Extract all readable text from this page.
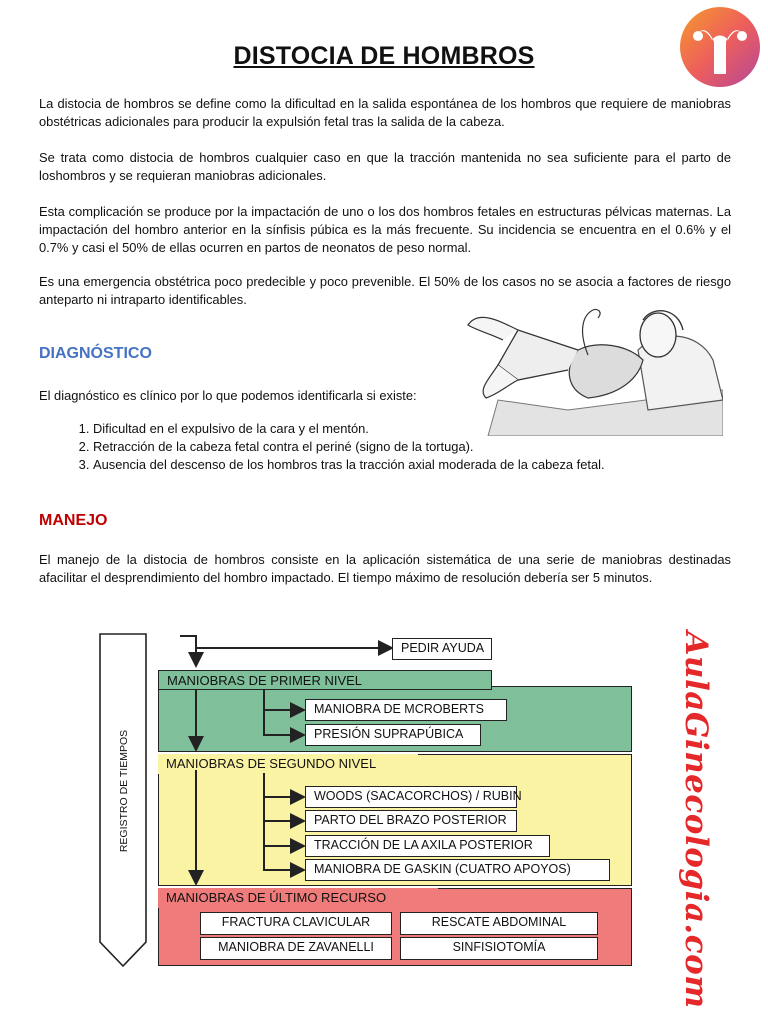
DISTOCIA DE HOMBROS

La distocia de hombros se define como la dificultad en la salida espontánea de los hombros que requiere de maniobras obstétricas adicionales para producir la expulsión fetal tras la salida de la cabeza.

Se trata como distocia de hombros cualquier caso en que la tracción mantenida no sea suficiente para el parto de loshombros y se requieran maniobras adicionales.

Esta complicación se produce por la impactación de uno o los dos hombros fetales en estructuras pélvicas maternas. La impactación del hombro anterior en la sínfisis púbica es la más frecuente. Su incidencia se encuentra en el 0.6% y el 0.7% y casi el 50% de ellas ocurren en partos de neonatos de peso normal.

Es una emergencia obstétrica poco predecible y poco prevenible. El 50% de los casos no se asocia a factores de riesgo anteparto ni intraparto identificables.

DIAGNÓSTICO

El diagnóstico es clínico por lo que podemos identificarla si existe:

1. Dificultad en el expulsivo de la cara y el mentón.
2. Retracción de la cabeza fetal contra el periné (signo de la tortuga).
3. Ausencia del descenso de los hombros tras la tracción axial moderada de la cabeza fetal.
MANEJO

El manejo de la distocia de hombros consiste en la aplicación sistemática de una serie de maniobras destinadas afacilitar el desprendimiento del hombro impactado. El tiempo máximo de resolución debería ser 5 minutos.

REGISTRO DE TIEMPOS
MANIOBRAS DE PRIMER NIVEL
MANIOBRAS DE SEGUNDO NIVEL
MANIOBRAS DE ÚLTIMO RECURSO
PEDIR AYUDA
MANIOBRA DE MCROBERTS
PRESIÓN SUPRAPÚBICA
WOODS (SACACORCHOS) / RUBIN
PARTO DEL BRAZO POSTERIOR
TRACCIÓN DE LA AXILA POSTERIOR
MANIOBRA DE GASKIN (CUATRO APOYOS)
FRACTURA CLAVICULAR	RESCATE ABDOMINAL
MANIOBRA DE ZAVANELLI	SINFISIOTOMÍA	AulaGinecologia.com
